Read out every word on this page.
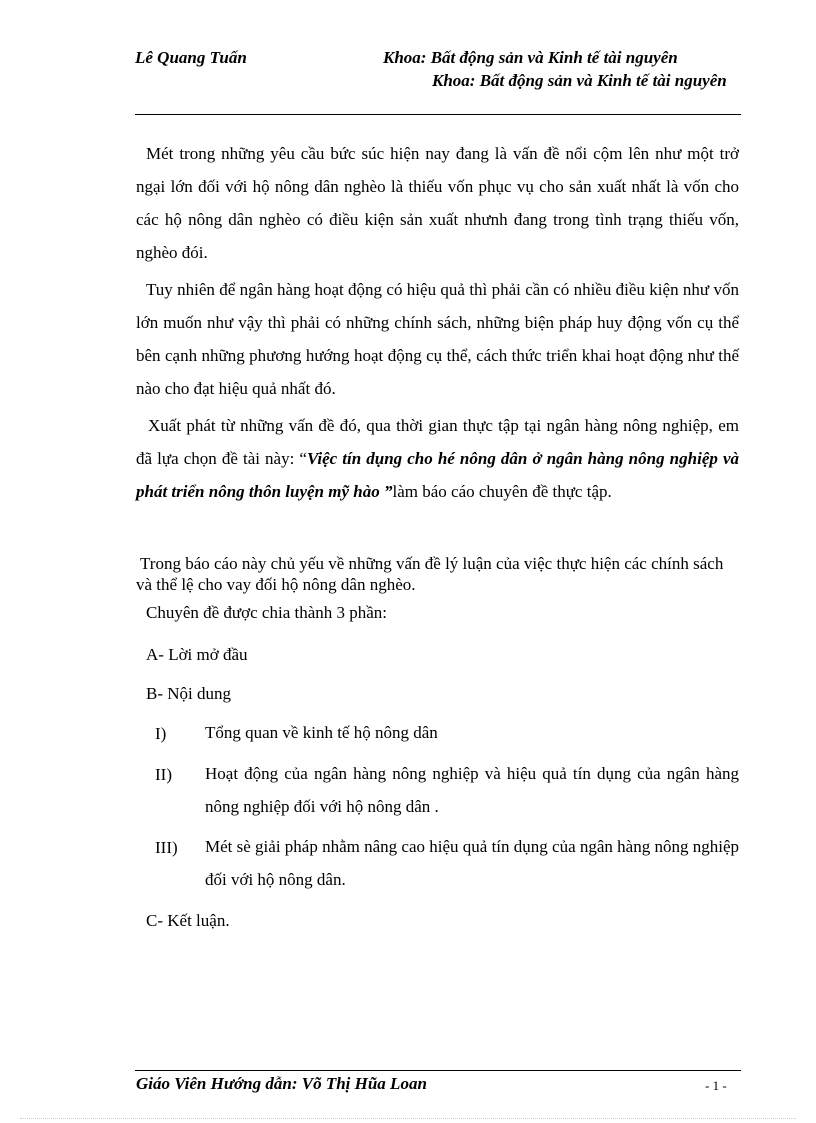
Lê Quang Tuấn	Khoa: Bất động sản và Kinh tế tài nguyên
Khoa: Bất động sản và Kinh tế tài nguyên

Mét trong những yêu cầu bức súc hiện nay đang là vấn đề nổi cộm lên như một trở ngại lớn đối với hộ nông dân nghèo là thiếu vốn phục vụ cho sản xuất nhất là vốn cho các hộ nông dân nghèo có điều kiện sản xuất nhưnh đang trong tình trạng thiếu vốn, nghèo đói.

Tuy nhiên để ngân hàng hoạt động có hiệu quả thì phải cần có nhiều điều kiện như vốn lớn muốn như vậy thì phải có những chính sách, những biện pháp huy động vốn cụ thể bên cạnh những phương hướng hoạt động cụ thể, cách thức triển khai hoạt động như thế nào cho đạt hiệu quả nhất đó.

Xuất phát từ những vấn đề đó, qua thời gian thực tập tại ngân hàng nông nghiệp, em đã lựa chọn đề tài này: “Việc tín dụng cho hé nông dân ở ngân hàng nông nghiệp và phát triển nông thôn luyện mỹ hào ”làm báo cáo chuyên đề thực tập.

Trong báo cáo này chủ yếu về những vấn đề lý luận của việc thực hiện các chính sách và thể lệ cho vay đối hộ nông dân nghèo.

Chuyên đề được chia thành 3 phần:

A- Lời mở đầu

B- Nội dung

I) Tổng quan về kinh tế hộ nông dân
II) Hoạt động của ngân hàng nông nghiệp và hiệu quả tín dụng của ngân hàng nông nghiệp đối với hộ nông dân .
III) Mét sè giải pháp nhằm nâng cao hiệu quả tín dụng của ngân hàng nông nghiệp đối với hộ nông dân.

C- Kết luận.

Giáo Viên Hướng dẫn: Võ Thị Hũa Loan	- 1 -
